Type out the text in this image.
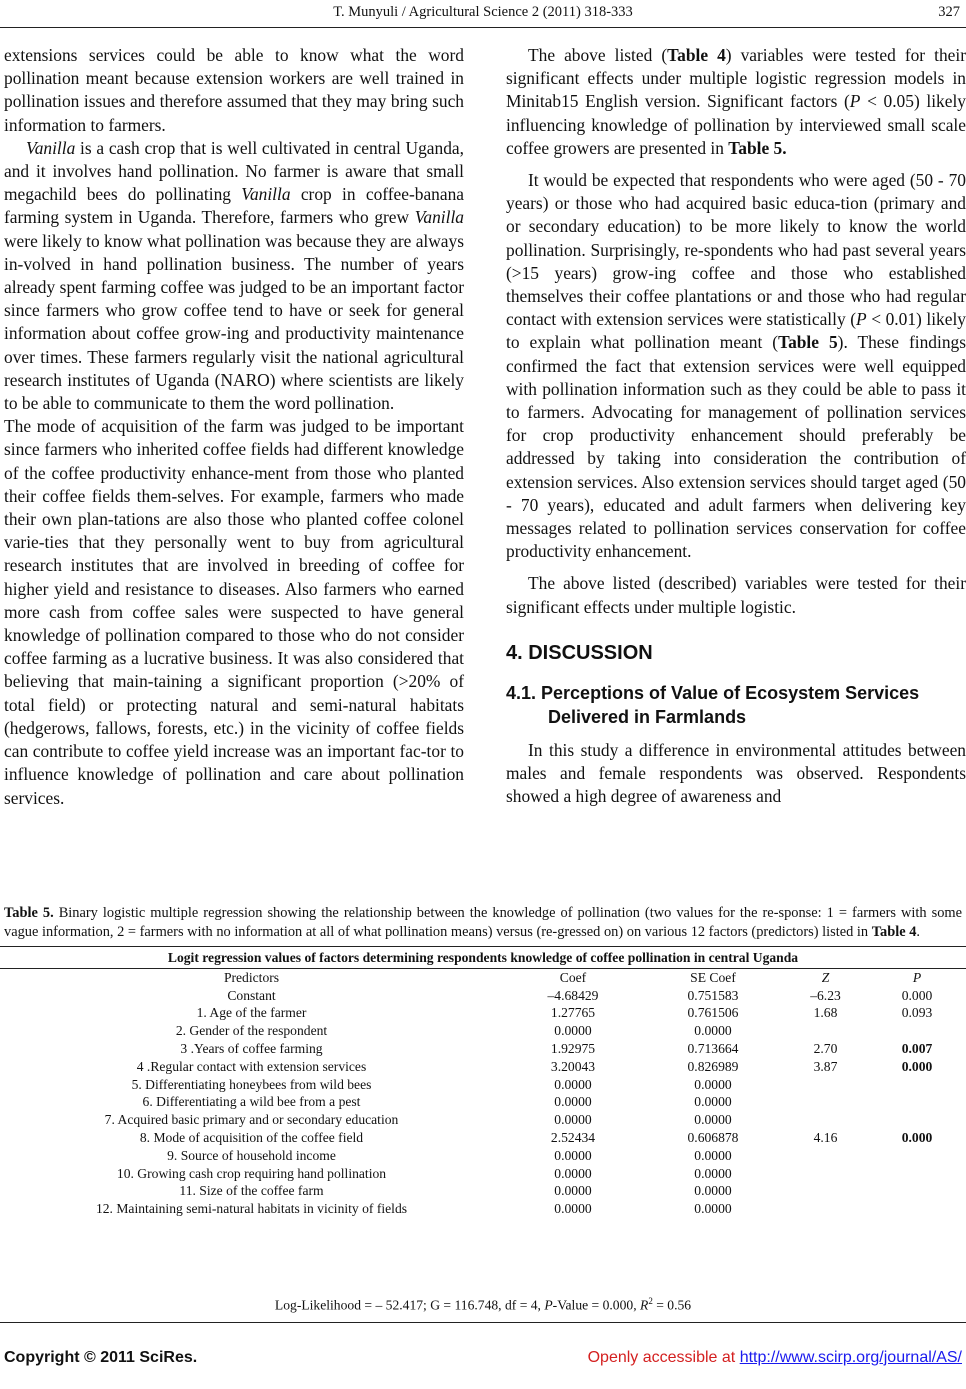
T. Munyuli / Agricultural Science 2 (2011) 318-333	327

extensions services could be able to know what the word pollination meant because extension workers are well trained in pollination issues and therefore assumed that they may bring such information to farmers.

Vanilla is a cash crop that is well cultivated in central Uganda, and it involves hand pollination. No farmer is aware that small megachild bees do pollinating Vanilla crop in coffee-banana farming system in Uganda. Therefore, farmers who grew Vanilla were likely to know what pollination was because they are always in-volved in hand pollination business. The number of years already spent farming coffee was judged to be an important factor since farmers who grow coffee tend to have or seek for general information about coffee grow-ing and productivity maintenance over times. These farmers regularly visit the national agricultural research institutes of Uganda (NARO) where scientists are likely to be able to communicate to them the word pollination.

The mode of acquisition of the farm was judged to be important since farmers who inherited coffee fields had different knowledge of the coffee productivity enhance-ment from those who planted their coffee fields them-selves. For example, farmers who made their own plan-tations are also those who planted coffee colonel varie-ties that they personally went to buy from agricultural research institutes that are involved in breeding of coffee for higher yield and resistance to diseases. Also farmers who earned more cash from coffee sales were suspected to have general knowledge of pollination compared to those who do not consider coffee farming as a lucrative business. It was also considered that believing that main-taining a significant proportion (>20% of total field) or protecting natural and semi-natural habitats (hedgerows, fallows, forests, etc.) in the vicinity of coffee fields can contribute to coffee yield increase was an important fac-tor to influence knowledge of pollination and care about pollination services.

The above listed (Table 4) variables were tested for their significant effects under multiple logistic regression models in Minitab15 English version. Significant factors (P < 0.05) likely influencing knowledge of pollination by interviewed small scale coffee growers are presented in Table 5.

It would be expected that respondents who were aged (50 - 70 years) or those who had acquired basic educa-tion (primary and or secondary education) to be more likely to know the world pollination. Surprisingly, re-spondents who had past several years (>15 years) grow-ing coffee and those who established themselves their coffee plantations or and those who had regular contact with extension services were statistically (P < 0.01) likely to explain what pollination meant (Table 5). These findings confirmed the fact that extension services were well equipped with pollination information such as they could be able to pass it to farmers. Advocating for management of pollination services for crop productivity enhancement should preferably be addressed by taking into consideration the contribution of extension services. Also extension services should target aged (50 - 70 years), educated and adult farmers when delivering key messages related to pollination services conservation for coffee productivity enhancement.

The above listed (described) variables were tested for their significant effects under multiple logistic.

4. DISCUSSION

4.1. Perceptions of Value of Ecosystem Services Delivered in Farmlands

In this study a difference in environmental attitudes between males and female respondents was observed. Respondents showed a high degree of awareness and

Table 5. Binary logistic multiple regression showing the relationship between the knowledge of pollination (two values for the re-sponse: 1 = farmers with some vague information, 2 = farmers with no information at all of what pollination means) versus (re-gressed on) on various 12 factors (predictors) listed in Table 4.
Logit regression values of factors determining respondents knowledge of coffee pollination in central Uganda				
Predictors	Coef	SE Coef	Z	P
Constant	–4.68429	0.751583	–6.23	0.000
1. Age of the farmer	1.27765	0.761506	1.68	0.093
2. Gender of the respondent	0.0000	0.0000		
3 .Years of coffee farming	1.92975	0.713664	2.70	0.007
4 .Regular contact with extension services	3.20043	0.826989	3.87	0.000
5. Differentiating honeybees from wild bees	0.0000	0.0000		
6. Differentiating a wild bee from a pest	0.0000	0.0000		
7. Acquired basic primary and or secondary education	0.0000	0.0000		
8. Mode of acquisition of the coffee field	2.52434	0.606878	4.16	0.000
9. Source of household income	0.0000	0.0000		
10. Growing cash crop requiring hand pollination	0.0000	0.0000		
11. Size of the coffee farm	0.0000	0.0000		
12. Maintaining semi-natural habitats in vicinity of fields	0.0000	0.0000		
Log-Likelihood = – 52.417; G = 116.748, df = 4, P-Value = 0.000, $R^2 = 0.56$
Copyright © 2011 SciRes.	Openly accessible at http://www.scirp.org/journal/AS/
